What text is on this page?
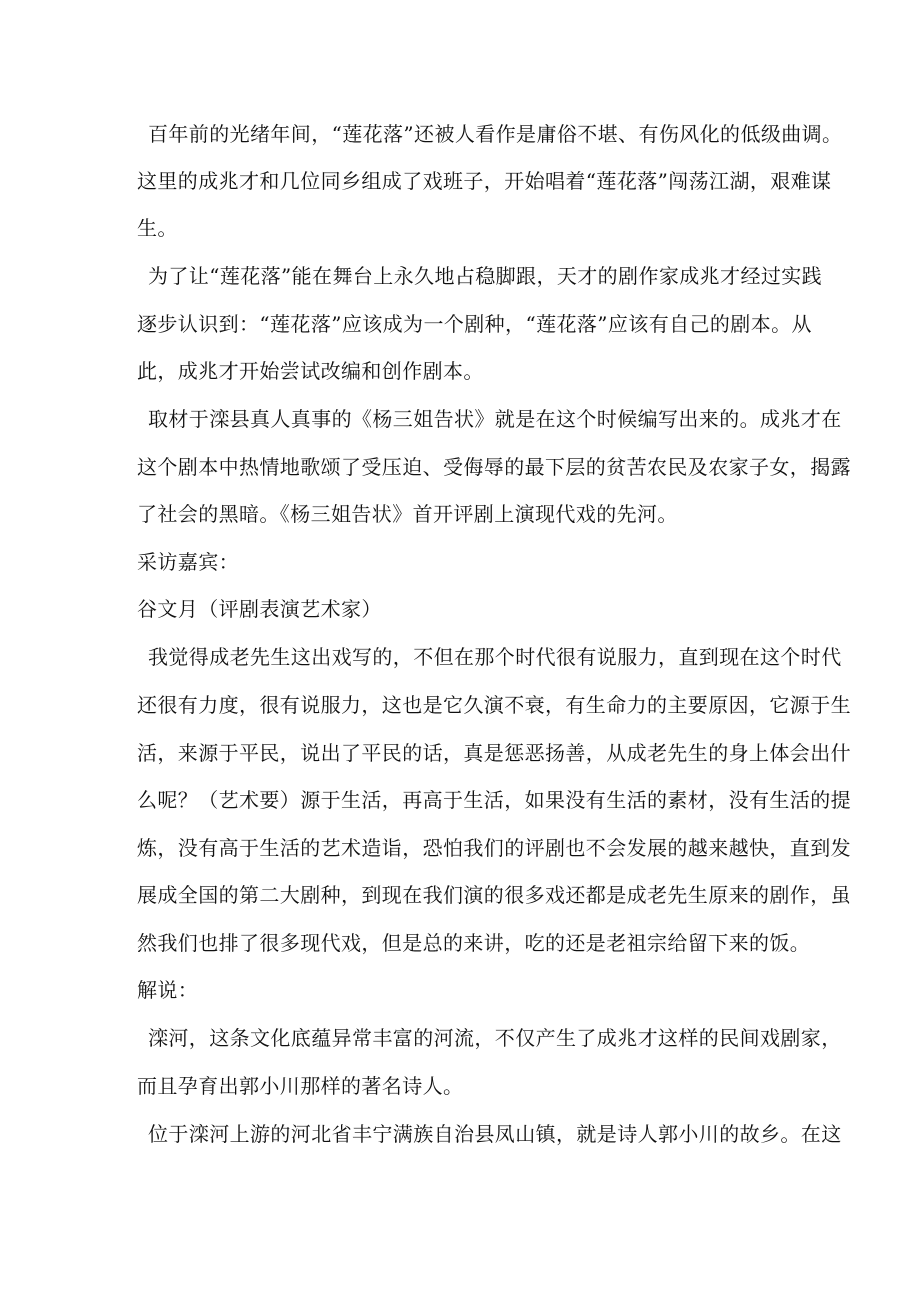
百年前的光绪年间，“莲花落”还被人看作是庸俗不堪、有伤风化的低级曲调。
这里的成兆才和几位同乡组成了戏班子，开始唱着“莲花落”闯荡江湖，艰难谋
生。
为了让“莲花落”能在舞台上永久地占稳脚跟，天才的剧作家成兆才经过实践
逐步认识到：“莲花落”应该成为一个剧种，“莲花落”应该有自己的剧本。从
此，成兆才开始尝试改编和创作剧本。
取材于滦县真人真事的《杨三姐告状》就是在这个时候编写出来的。成兆才在
这个剧本中热情地歌颂了受压迫、受侮辱的最下层的贫苦农民及农家子女，揭露
了社会的黑暗。《杨三姐告状》首开评剧上演现代戏的先河。
采访嘉宾：
谷文月（评剧表演艺术家）
我觉得成老先生这出戏写的，不但在那个时代很有说服力，直到现在这个时代
还很有力度，很有说服力，这也是它久演不衰，有生命力的主要原因，它源于生
活，来源于平民，说出了平民的话，真是惩恶扬善，从成老先生的身上体会出什
么呢？（艺术要）源于生活，再高于生活，如果没有生活的素材，没有生活的提
炼，没有高于生活的艺术造诣，恐怕我们的评剧也不会发展的越来越快，直到发
展成全国的第二大剧种，到现在我们演的很多戏还都是成老先生原来的剧作，虽
然我们也排了很多现代戏，但是总的来讲，吃的还是老祖宗给留下来的饭。
解说：
滦河，这条文化底蕴异常丰富的河流，不仅产生了成兆才这样的民间戏剧家，
而且孕育出郭小川那样的著名诗人。
位于滦河上游的河北省丰宁满族自治县凤山镇，就是诗人郭小川的故乡。在这
